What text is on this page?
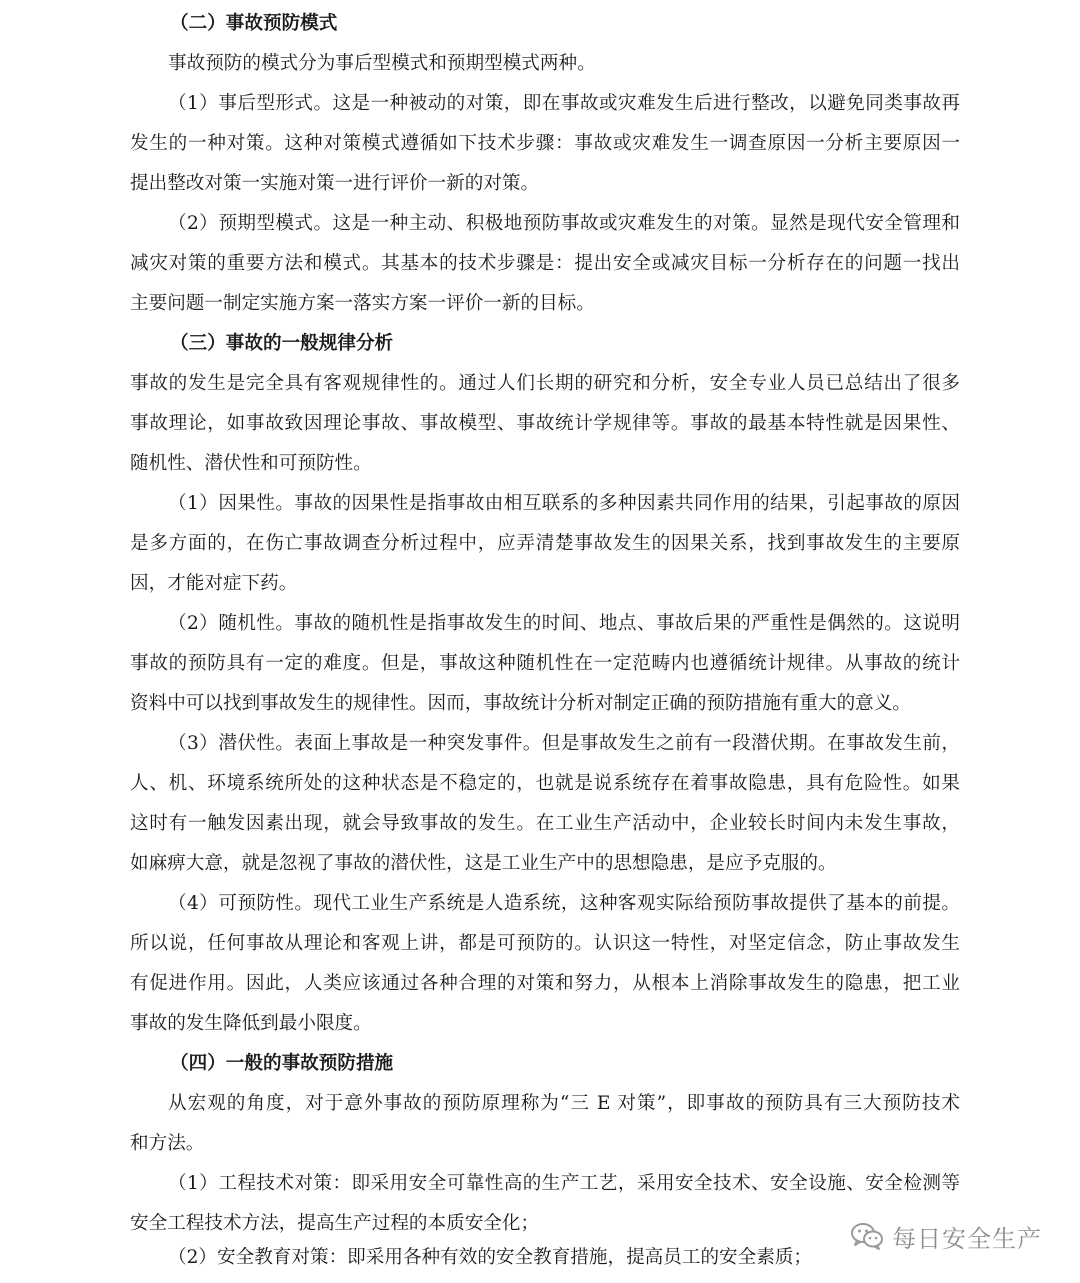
（二）事故预防模式
事故预防的模式分为事后型模式和预期型模式两种。
（1）事后型形式。这是一种被动的对策，即在事故或灾难发生后进行整改，以避免同类事故再
发生的一种对策。这种对策模式遵循如下技术步骤：事故或灾难发生一调查原因一分析主要原因一
提出整改对策一实施对策一进行评价一新的对策。
（2）预期型模式。这是一种主动、积极地预防事故或灾难发生的对策。显然是现代安全管理和
减灾对策的重要方法和模式。其基本的技术步骤是：提出安全或减灾目标一分析存在的问题一找出
主要问题一制定实施方案一落实方案一评价一新的目标。
（三）事故的一般规律分析
事故的发生是完全具有客观规律性的。通过人们长期的研究和分析，安全专业人员已总结出了很多
事故理论，如事故致因理论事故、事故模型、事故统计学规律等。事故的最基本特性就是因果性、
随机性、潜伏性和可预防性。
（1）因果性。事故的因果性是指事故由相互联系的多种因素共同作用的结果，引起事故的原因
是多方面的，在伤亡事故调查分析过程中，应弄清楚事故发生的因果关系，找到事故发生的主要原
因，才能对症下药。
（2）随机性。事故的随机性是指事故发生的时间、地点、事故后果的严重性是偶然的。这说明
事故的预防具有一定的难度。但是，事故这种随机性在一定范畴内也遵循统计规律。从事故的统计
资料中可以找到事故发生的规律性。因而，事故统计分析对制定正确的预防措施有重大的意义。
（3）潜伏性。表面上事故是一种突发事件。但是事故发生之前有一段潜伏期。在事故发生前，
人、机、环境系统所处的这种状态是不稳定的，也就是说系统存在着事故隐患，具有危险性。如果
这时有一触发因素出现，就会导致事故的发生。在工业生产活动中，企业较长时间内未发生事故，
如麻痹大意，就是忽视了事故的潜伏性，这是工业生产中的思想隐患，是应予克服的。
（4）可预防性。现代工业生产系统是人造系统，这种客观实际给预防事故提供了基本的前提。
所以说，任何事故从理论和客观上讲，都是可预防的。认识这一特性，对坚定信念，防止事故发生
有促进作用。因此，人类应该通过各种合理的对策和努力，从根本上消除事故发生的隐患，把工业
事故的发生降低到最小限度。
（四）一般的事故预防措施
从宏观的角度，对于意外事故的预防原理称为“三 E 对策”，即事故的预防具有三大预防技术
和方法。
（1）工程技术对策：即采用安全可靠性高的生产工艺，采用安全技术、安全设施、安全检测等
安全工程技术方法，提高生产过程的本质安全化；
（2）安全教育对策：即采用各种有效的安全教育措施，提高员工的安全素质；
每日安全生产
